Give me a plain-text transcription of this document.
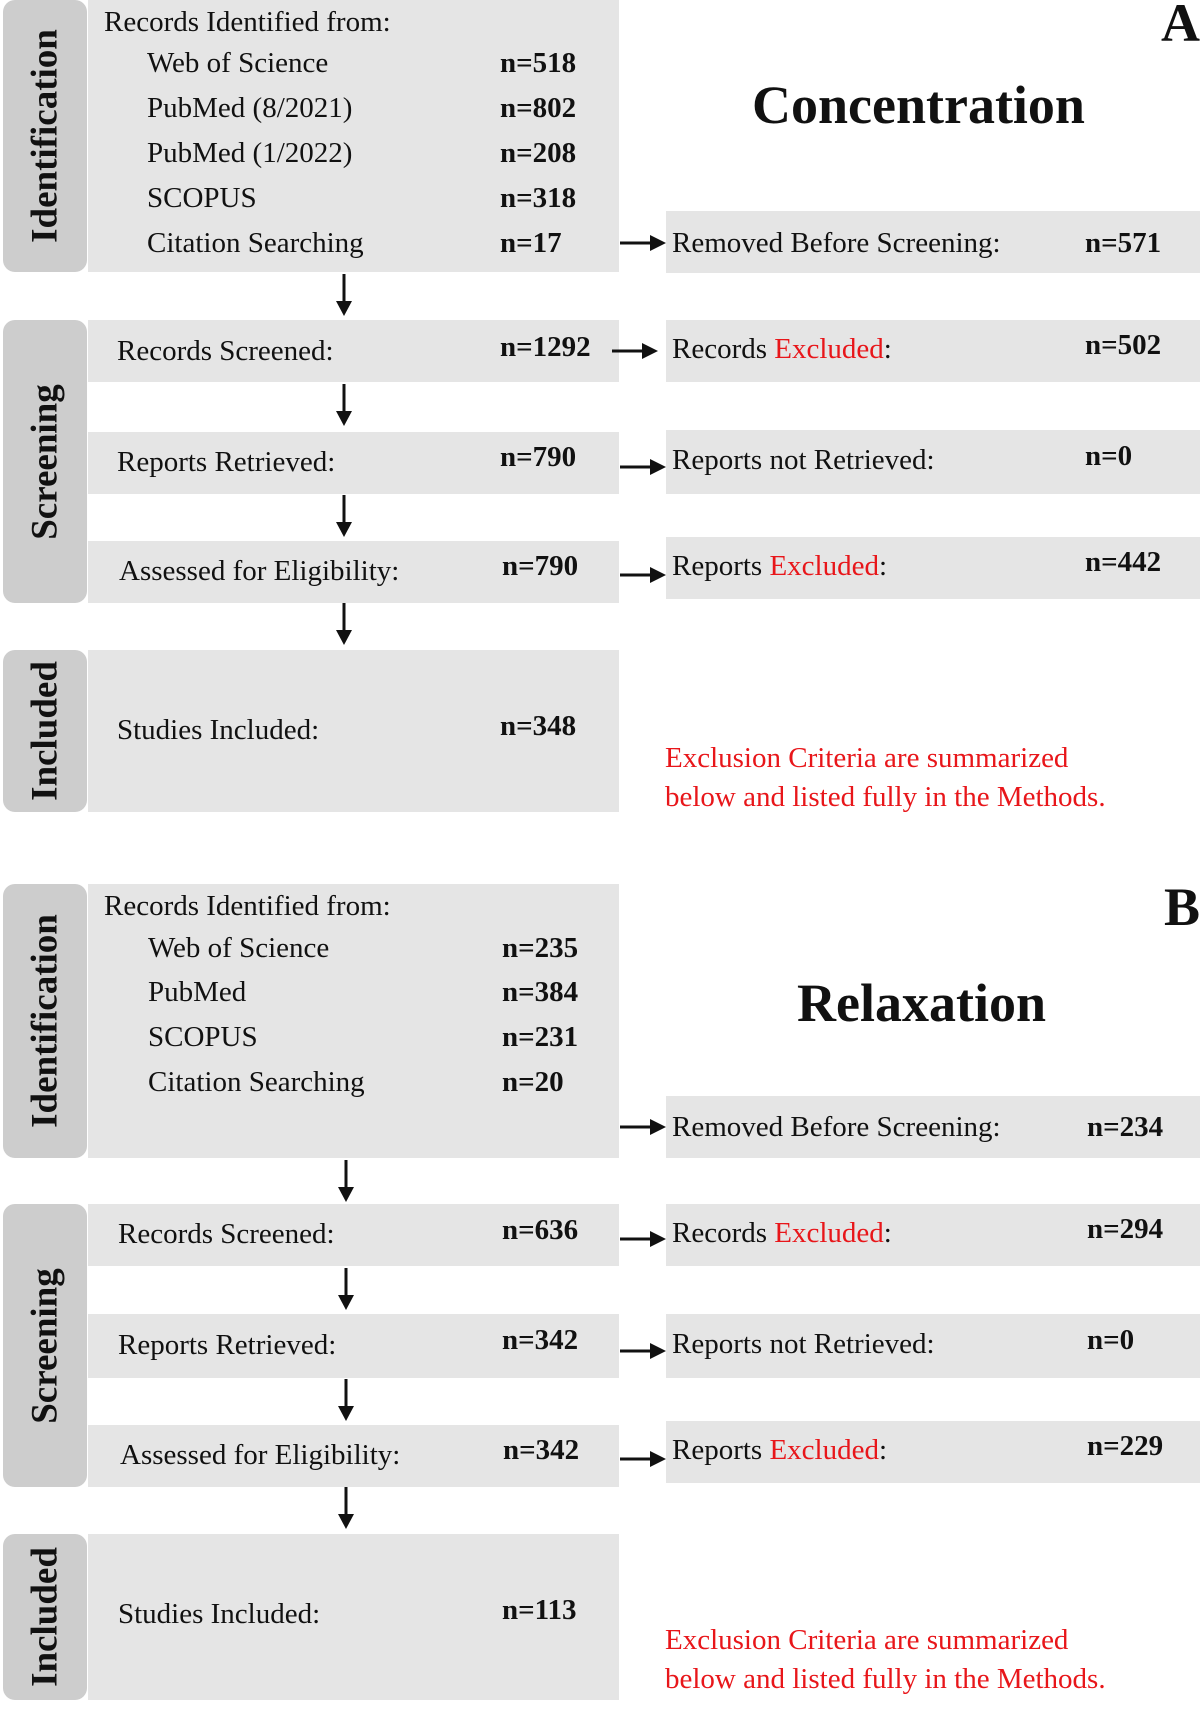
A
Concentration
Identification
Screening
Included
Records Identified from:
Web of Science	n=518
PubMed (8/2021)	n=802
PubMed (1/2022)	n=208
SCOPUS	n=318
Citation Searching	n=17	Removed Before Screening:	n=571
Records Screened:	n=1292	Records Excluded:	n=502
Reports Retrieved:	n=790	Reports not Retrieved:	n=0
Assessed for Eligibility:	n=790	Reports Excluded:	n=442
Studies Included:	n=348
Exclusion Criteria are summarized
below and listed fully in the Methods.
B
Relaxation
Identification
Screening
Included
Records Identified from:
Web of Science	n=235
PubMed	n=384
SCOPUS	n=231
Citation Searching	n=20
Removed Before Screening:	n=234
Records Screened:	n=636	Records Excluded:	n=294
Reports Retrieved:	n=342	Reports not Retrieved:	n=0
Assessed for Eligibility:	n=342	Reports Excluded:	n=229
Studies Included:	n=113
Exclusion Criteria are summarized
below and listed fully in the Methods.
